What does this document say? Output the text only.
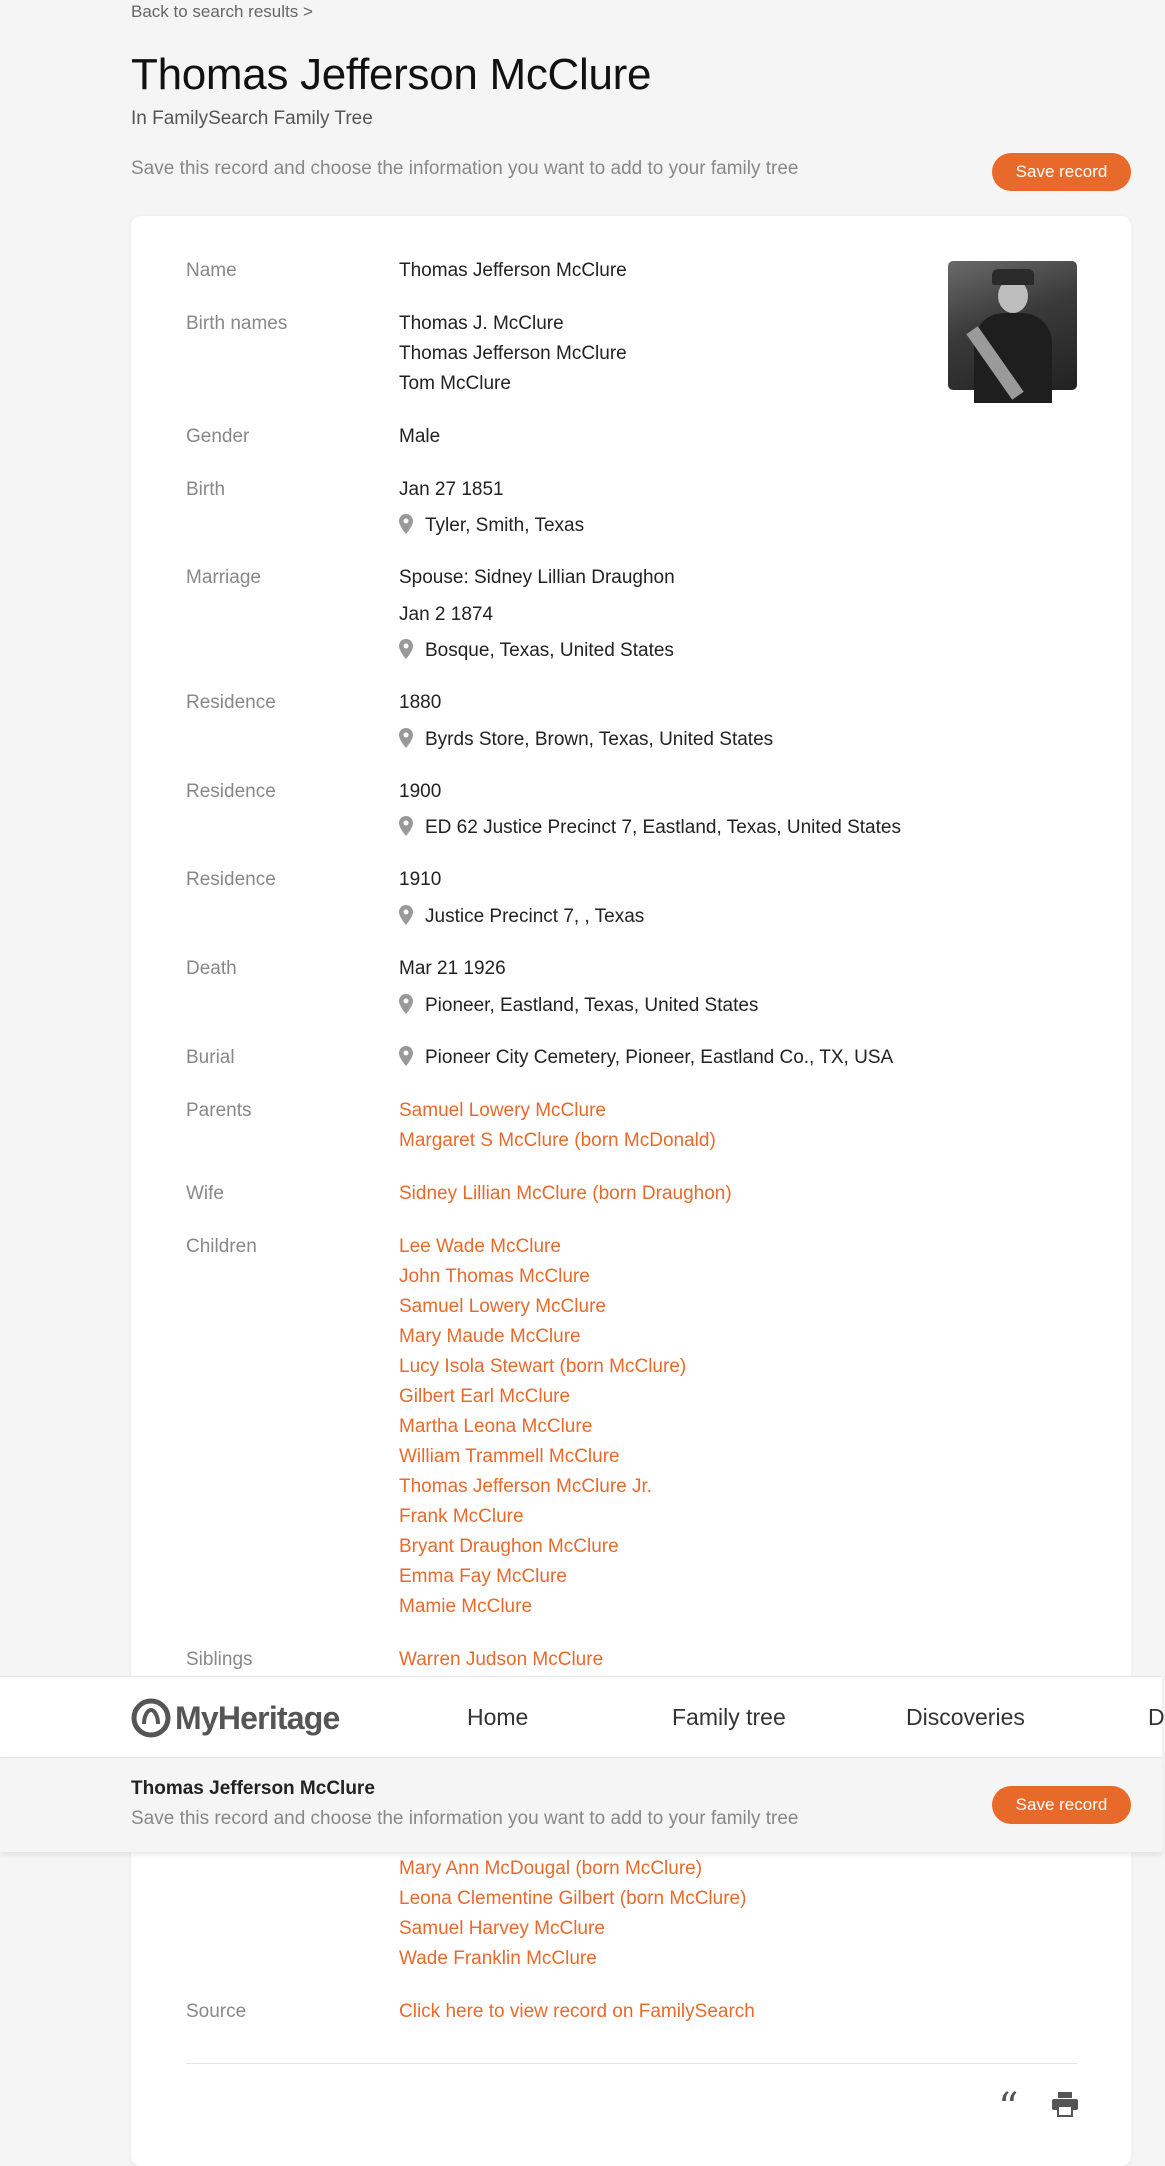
Back to search results >
Thomas Jefferson McClure
In FamilySearch Family Tree
Save this record and choose the information you want to add to your family tree	Save record
Name	Thomas Jefferson McClure
Birth names	Thomas J. McClure
Thomas Jefferson McClure
Tom McClure
Gender	Male
Birth	Jan 27 1851
Tyler, Smith, Texas
Marriage	Spouse: Sidney Lillian Draughon
Jan 2 1874
Bosque, Texas, United States
Residence	1880
Byrds Store, Brown, Texas, United States
Residence	1900
ED 62 Justice Precinct 7, Eastland, Texas, United States
Residence	1910
Justice Precinct 7, , Texas
Death	Mar 21 1926
Pioneer, Eastland, Texas, United States
Burial	Pioneer City Cemetery, Pioneer, Eastland Co., TX, USA
Parents	Samuel Lowery McClure
Margaret S McClure (born McDonald)
Wife	Sidney Lillian McClure (born Draughon)
Children	Lee Wade McClure
John Thomas McClure
Samuel Lowery McClure
Mary Maude McClure
Lucy Isola Stewart (born McClure)
Gilbert Earl McClure
Martha Leona McClure
William Trammell McClure
Thomas Jefferson McClure Jr.
Frank McClure
Bryant Draughon McClure
Emma Fay McClure
Mamie McClure
Siblings	Warren Judson McClure
Mary Ann McDougal (born McClure)
Leona Clementine Gilbert (born McClure)
Samuel Harvey McClure
Wade Franklin McClure
Source	Click here to view record on FamilySearch
“
MyHeritage	Home	Family tree	Discoveries	D
Thomas Jefferson McClure
Save this record and choose the information you want to add to your family tree
Save record
